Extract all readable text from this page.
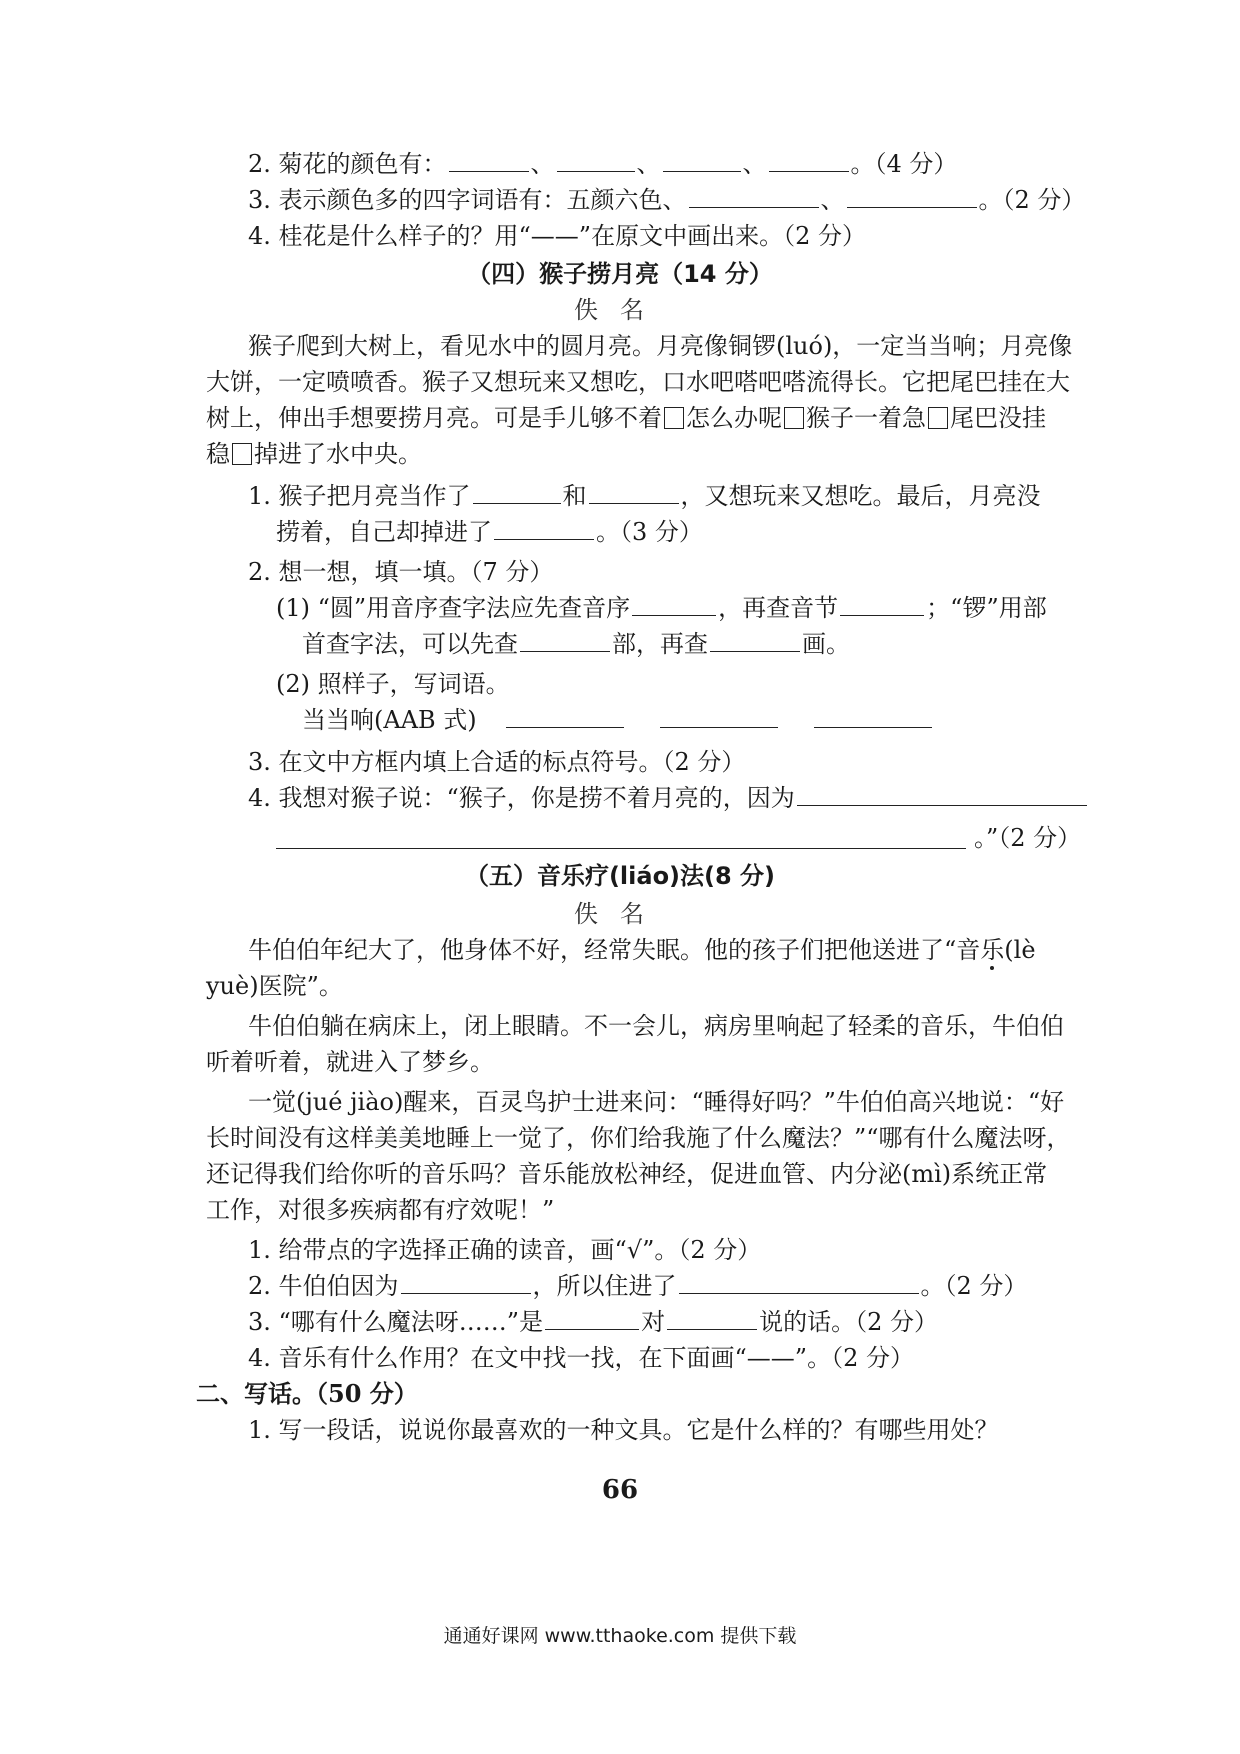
2. 菊花的颜色有：	、	、	、	。（4 分）
3. 表示颜色多的四字词语有：五颜六色、	、	。（2 分）
4. 桂花是什么样子的？用“——”在原文中画出来。（2 分）
（四）猴子捞月亮（14 分）
佚名
猴子爬到大树上，看见水中的圆月亮。月亮像铜锣(luó)，一定当当响；月亮像
大饼，一定喷喷香。猴子又想玩来又想吃，口水吧嗒吧嗒流得长。它把尾巴挂在大
树上，伸出手想要捞月亮。可是手儿够不着 怎么办呢 猴子一着急 尾巴没挂
稳 掉进了水中央。
1. 猴子把月亮当作了	和	，又想玩来又想吃。最后，月亮没
捞着，自己却掉进了	。（3 分）
2. 想一想，填一填。（7 分）
(1) “圆”用音序查字法应先查音序	，再查音节	；“锣”用部
首查字法，可以先查	部，再查	画。
(2) 照样子，写词语。
当当响(AAB 式)
3. 在文中方框内填上合适的标点符号。（2 分）
4. 我想对猴子说：“猴子，你是捞不着月亮的，因为
。”（2 分）
（五）音乐疗(liáo)法(8 分)
佚名
牛伯伯年纪大了，他身体不好，经常失眠。他的孩子们把他送进了“音乐(lè
yuè)医院”。
牛伯伯躺在病床上，闭上眼睛。不一会儿，病房里响起了轻柔的音乐，牛伯伯
听着听着，就进入了梦乡。
一觉(jué jiào)醒来，百灵鸟护士进来问：“睡得好吗？”牛伯伯高兴地说：“好
长时间没有这样美美地睡上一觉了，你们给我施了什么魔法？”“哪有什么魔法呀，
还记得我们给你听的音乐吗？音乐能放松神经，促进血管、内分泌(mì)系统正常
工作，对很多疾病都有疗效呢！”
1. 给带点的字选择正确的读音，画“√”。（2 分）
2. 牛伯伯因为	，所以住进了	。（2 分）
3. “哪有什么魔法呀……”是	对	说的话。（2 分）
4. 音乐有什么作用？在文中找一找，在下面画“——”。（2 分）
二、写话。（50 分）
1. 写一段话，说说你最喜欢的一种文具。它是什么样的？有哪些用处？
66
通通好课网 www.tthaoke.com 提供下载
